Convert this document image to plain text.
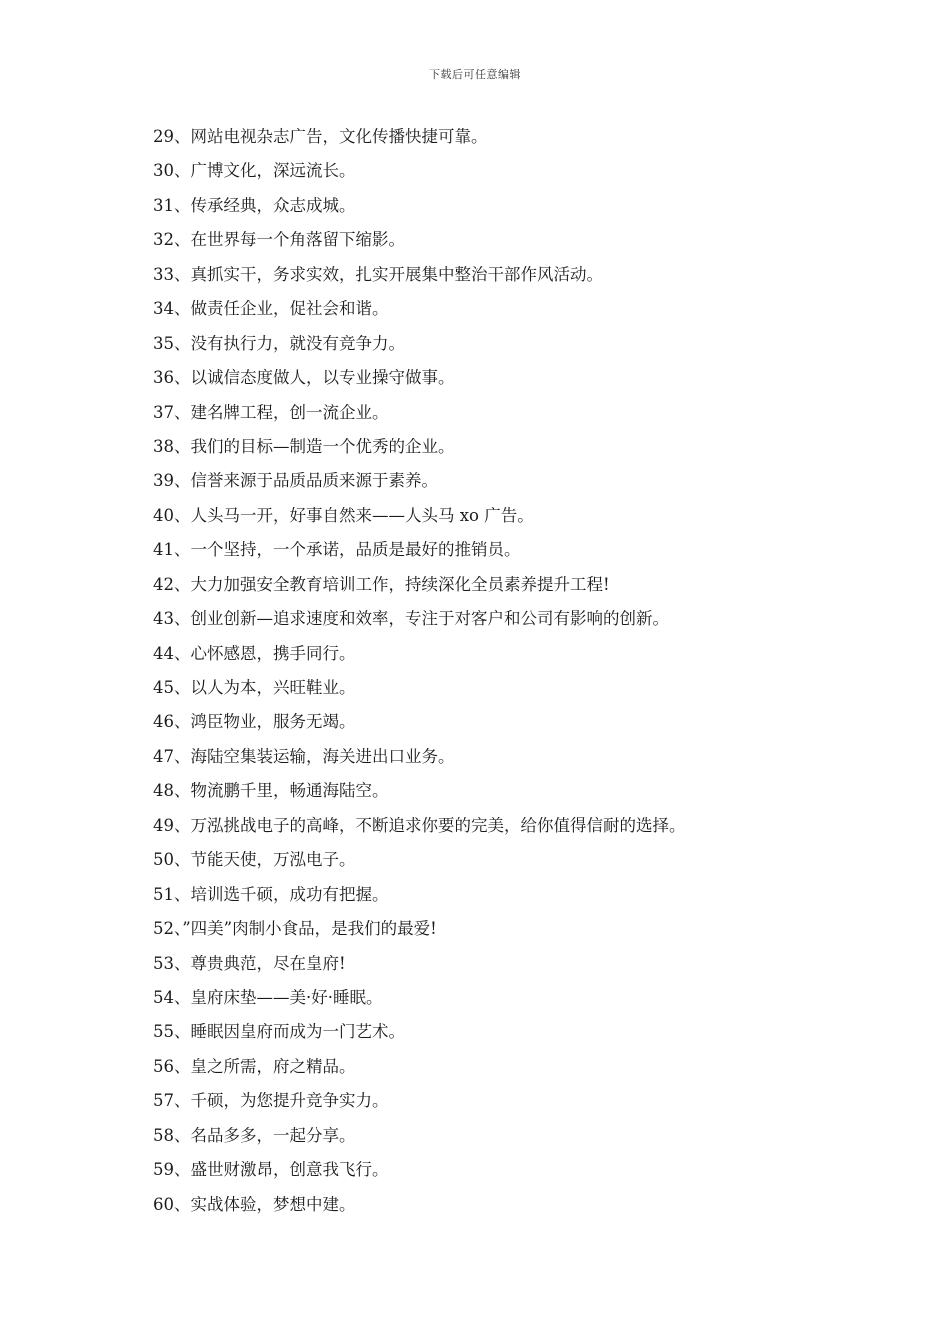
下载后可任意编辑
29、网站电视杂志广告，文化传播快捷可靠。
30、广博文化，深远流长。
31、传承经典，众志成城。
32、在世界每一个角落留下缩影。
33、真抓实干，务求实效，扎实开展集中整治干部作风活动。
34、做责任企业，促社会和谐。
35、没有执行力，就没有竞争力。
36、以诚信态度做人，以专业操守做事。
37、建名牌工程，创一流企业。
38、我们的目标—制造一个优秀的企业。
39、信誉来源于品质品质来源于素养。
40、人头马一开，好事自然来——人头马 xo 广告。
41、一个坚持，一个承诺，品质是最好的推销员。
42、大力加强安全教育培训工作，持续深化全员素养提升工程!
43、创业创新—追求速度和效率，专注于对客户和公司有影响的创新。
44、心怀感恩，携手同行。
45、以人为本，兴旺鞋业。
46、鸿臣物业，服务无竭。
47、海陆空集装运输，海关进出口业务。
48、物流鹏千里，畅通海陆空。
49、万泓挑战电子的高峰，不断追求你要的完美，给你值得信耐的选择。
50、节能天使，万泓电子。
51、培训选千硕，成功有把握。
52、”四美”肉制小食品，是我们的最爱!
53、尊贵典范，尽在皇府!
54、皇府床垫——美·好·睡眠。
55、睡眠因皇府而成为一门艺术。
56、皇之所需，府之精品。
57、千硕，为您提升竞争实力。
58、名品多多，一起分享。
59、盛世财激昂，创意我飞行。
60、实战体验，梦想中建。
